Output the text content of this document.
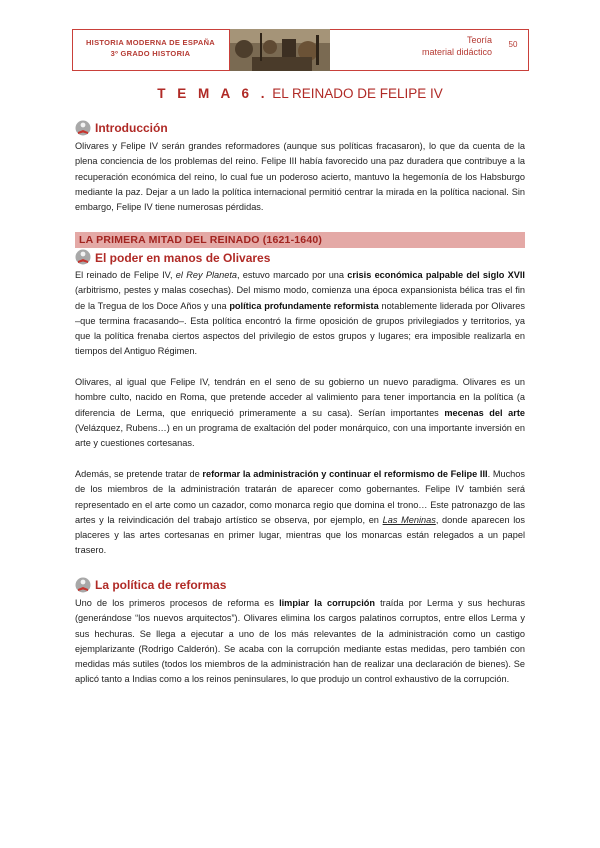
HISTORIA MODERNA DE ESPAÑA
3º GRADO HISTORIA
Teoría
material didáctico
50
T E M A 6 . EL REINADO DE FELIPE IV
Introducción

Olivares y Felipe IV serán grandes reformadores (aunque sus políticas fracasaron), lo que da cuenta de la plena conciencia de los problemas del reino. Felipe III había favorecido una paz duradera que contribuye a la recuperación económica del reino, lo cual fue un poderoso acierto, mantuvo la hegemonía de los Habsburgo mediante la paz. Dejar a un lado la política internacional permitió centrar la mirada en la política nacional. Sin embargo, Felipe IV tiene numerosas pérdidas.

LA PRIMERA MITAD DEL REINADO (1621-1640)
El poder en manos de Olivares

El reinado de Felipe IV, el Rey Planeta, estuvo marcado por una crisis económica palpable del siglo XVII (arbitrismo, pestes y malas cosechas). Del mismo modo, comienza una época expansionista bélica tras el fin de la Tregua de los Doce Años y una política profundamente reformista notablemente liderada por Olivares –que termina fracasando–. Esta política encontró la firme oposición de grupos privilegiados y territorios, ya que la política frenaba ciertos aspectos del privilegio de estos grupos y lugares; era imposible realizarla en tiempos del Antiguo Régimen.

Olivares, al igual que Felipe IV, tendrán en el seno de su gobierno un nuevo paradigma. Olivares es un hombre culto, nacido en Roma, que pretende acceder al valimiento para tener importancia en la política (a diferencia de Lerma, que enriqueció primeramente a su casa). Serían importantes mecenas del arte (Velázquez, Rubens…) en un programa de exaltación del poder monárquico, con una importante inversión en arte y cuestiones cortesanas.

Además, se pretende tratar de reformar la administración y continuar el reformismo de Felipe III. Muchos de los miembros de la administración tratarán de aparecer como gobernantes. Felipe IV también será representado en el arte como un cazador, como monarca regio que domina el trono… Este patronazgo de las artes y la reivindicación del trabajo artístico se observa, por ejemplo, en Las Meninas, donde aparecen los placeres y las artes cortesanas en primer lugar, mientras que los monarcas están relegados a un papel trasero.

La política de reformas

Uno de los primeros procesos de reforma es limpiar la corrupción traída por Lerma y sus hechuras (generándose “los nuevos arquitectos”). Olivares elimina los cargos palatinos corruptos, entre ellos Lerma y sus hechuras. Se llega a ejecutar a uno de los más relevantes de la administración como un castigo ejemplarizante (Rodrigo Calderón). Se acaba con la corrupción mediante estas medidas, pero también con medidas más sutiles (todos los miembros de la administración han de realizar una declaración de bienes). Se aplicó tanto a Indias como a los reinos peninsulares, lo que produjo un control exhaustivo de la corrupción.
